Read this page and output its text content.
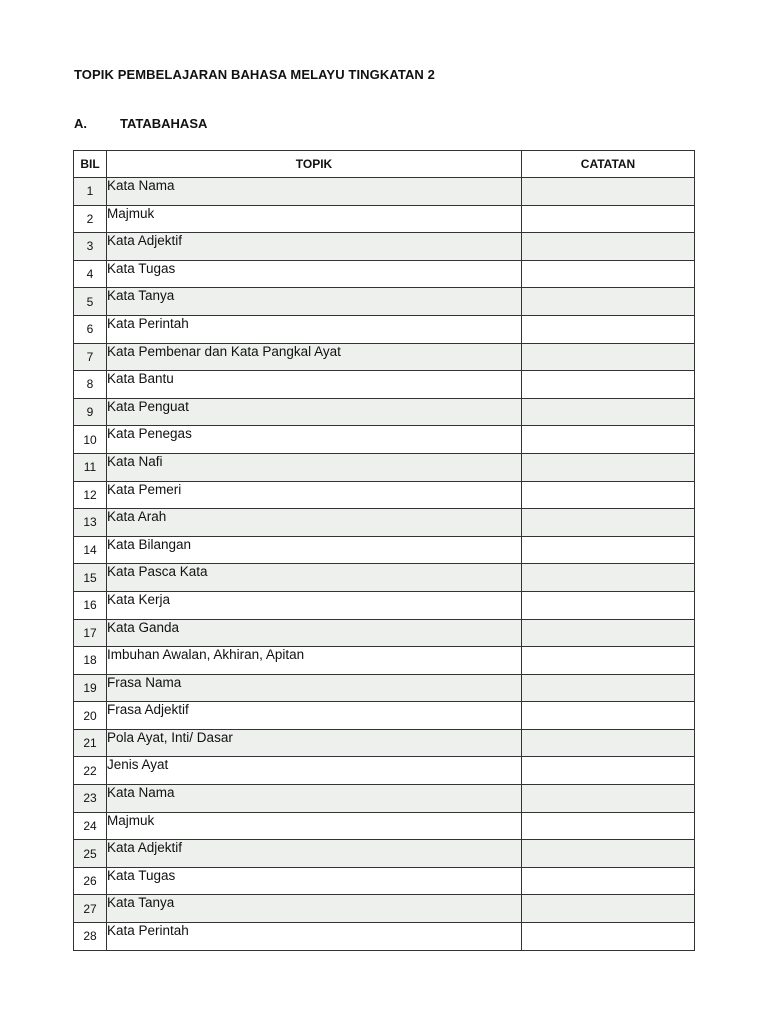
TOPIK PEMBELAJARAN BAHASA MELAYU TINGKATAN 2
A.	TATABAHASA
BIL	TOPIK	CATATAN
1	Kata Nama	
2	Majmuk	
3	Kata Adjektif	
4	Kata Tugas	
5	Kata Tanya	
6	Kata Perintah	
7	Kata Pembenar dan Kata Pangkal Ayat	
8	Kata Bantu	
9	Kata Penguat	
10	Kata Penegas	
11	Kata Nafi	
12	Kata Pemeri	
13	Kata Arah	
14	Kata Bilangan	
15	Kata Pasca Kata	
16	Kata Kerja	
17	Kata Ganda	
18	Imbuhan Awalan, Akhiran, Apitan	
19	Frasa Nama	
20	Frasa Adjektif	
21	Pola Ayat, Inti/ Dasar	
22	Jenis Ayat	
23	Kata Nama	
24	Majmuk	
25	Kata Adjektif	
26	Kata Tugas	
27	Kata Tanya	
28	Kata Perintah	
